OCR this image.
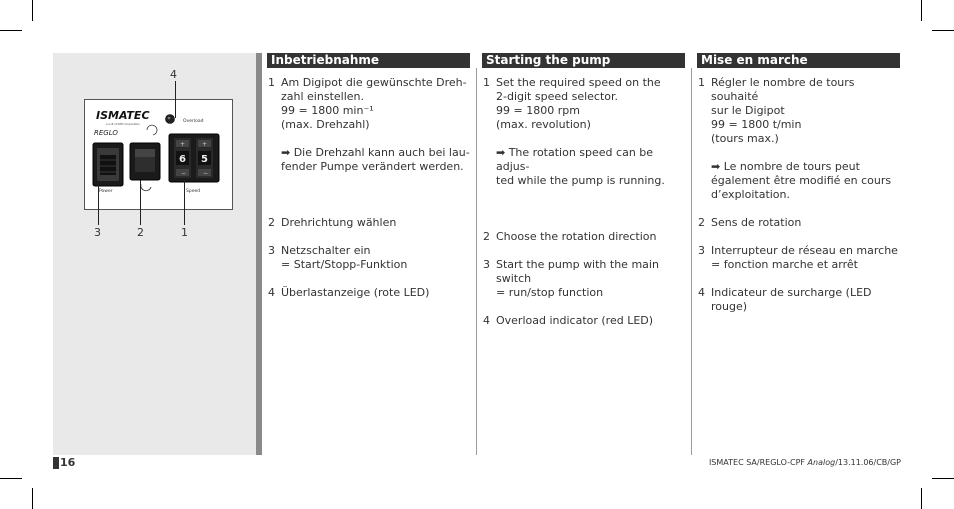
4
3	2	1
ISMATEC
a unit of IDEX Corporation
REGLO
Overload
Power
+	+
−	−
6 5
Speed
Inbetriebnahme
1 Am Digipot die gewünschte Dreh-
zahl einstellen.
99 = 1800 min⁻¹
(max. Drehzahl)
➡ Die Drehzahl kann auch bei lau-
fender Pumpe verändert werden.
2 Drehrichtung wählen
3 Netzschalter ein
= Start/Stopp-Funktion
4 Überlastanzeige (rote LED)
Starting the pump
1 Set the required speed on the
2-digit speed selector.
99 = 1800 rpm
(max. revolution)
➡ The rotation speed can be adjus-
ted while the pump is running.
2 Choose the rotation direction
3 Start the pump with the main switch
= run/stop function
4 Overload indicator (red LED)
Mise en marche
1 Régler le nombre de tours souhaité
sur le Digipot
99 = 1800 t/min
(tours max.)
➡ Le nombre de tours peut
également être modifié en cours
d’exploitation.
2 Sens de rotation
3 Interrupteur de réseau en marche
= fonction marche et arrêt
4 Indicateur de surcharge (LED rouge)
16	ISMATEC SA/REGLO-CPF Analog/13.11.06/CB/GP
